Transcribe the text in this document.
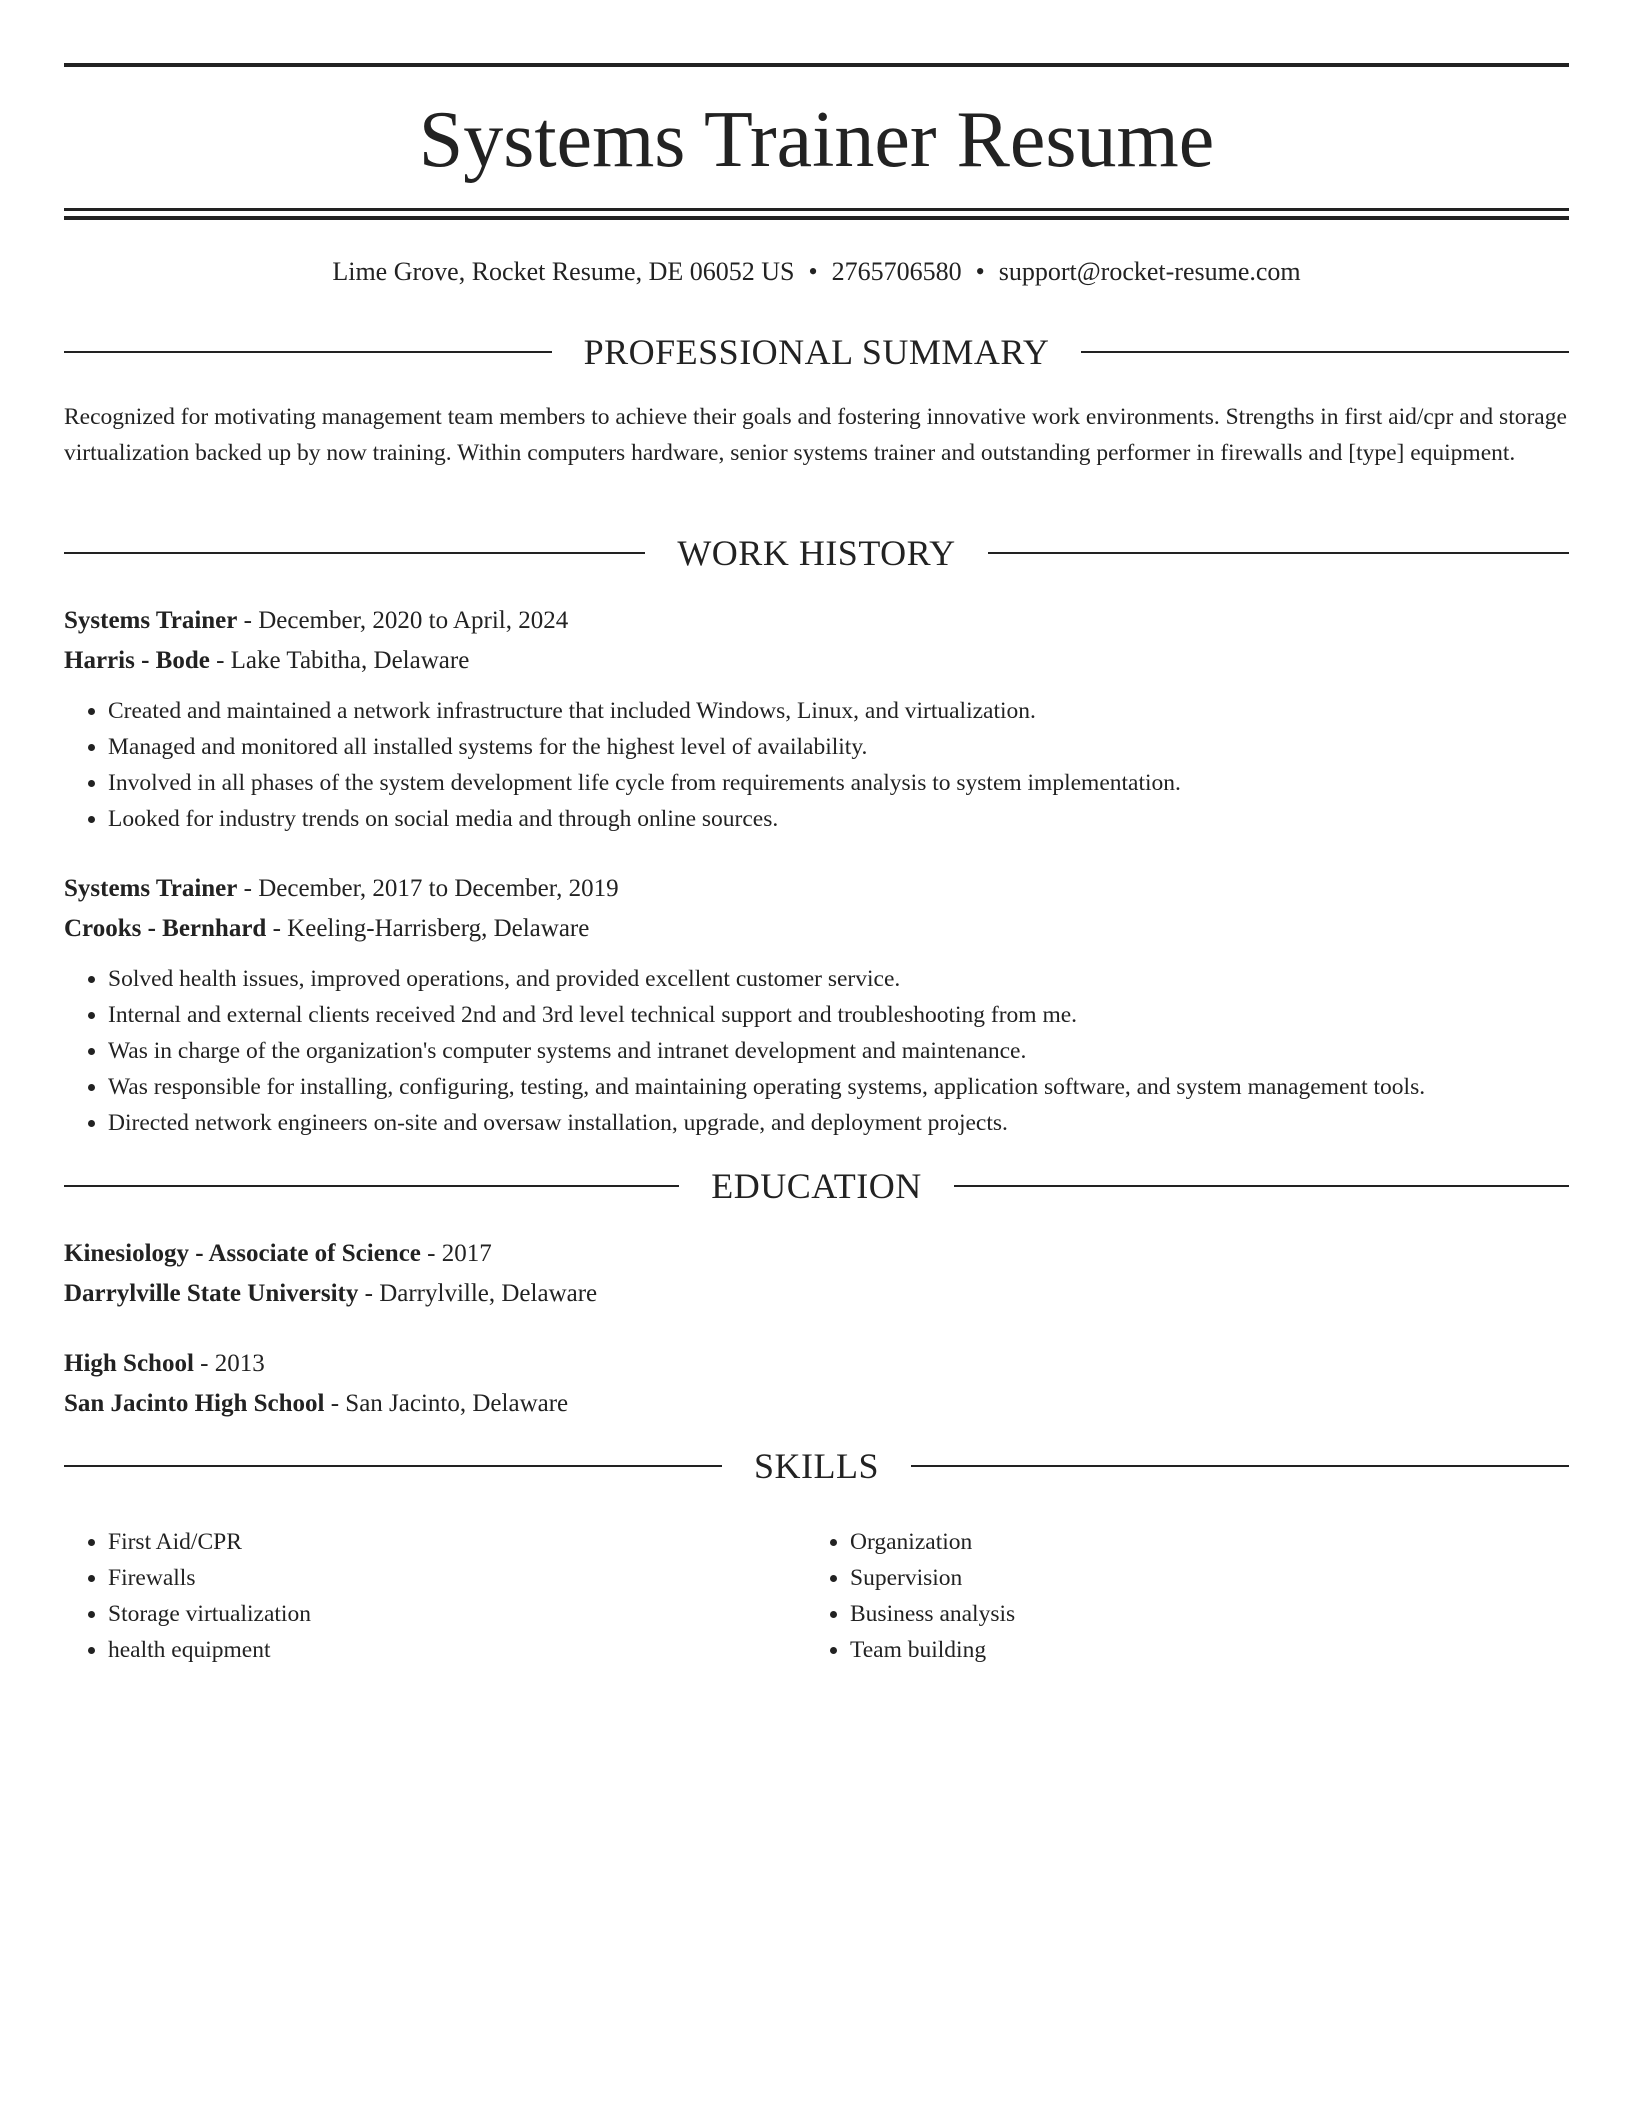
Systems Trainer Resume
Lime Grove, Rocket Resume, DE 06052 US • 2765706580 • support@rocket-resume.com
PROFESSIONAL SUMMARY

Recognized for motivating management team members to achieve their goals and fostering innovative work environments. Strengths in first aid/cpr and storage virtualization backed up by now training. Within computers hardware, senior systems trainer and outstanding performer in firewalls and [type] equipment.

WORK HISTORY
Systems Trainer - December, 2020 to April, 2024
Harris - Bode - Lake Tabitha, Delaware
• Created and maintained a network infrastructure that included Windows, Linux, and virtualization.
• Managed and monitored all installed systems for the highest level of availability.
• Involved in all phases of the system development life cycle from requirements analysis to system implementation.
• Looked for industry trends on social media and through online sources.
Systems Trainer - December, 2017 to December, 2019
Crooks - Bernhard - Keeling-Harrisberg, Delaware
• Solved health issues, improved operations, and provided excellent customer service.
• Internal and external clients received 2nd and 3rd level technical support and troubleshooting from me.
• Was in charge of the organization's computer systems and intranet development and maintenance.
• Was responsible for installing, configuring, testing, and maintaining operating systems, application software, and system management tools.
• Directed network engineers on-site and oversaw installation, upgrade, and deployment projects.
EDUCATION
Kinesiology - Associate of Science - 2017
Darrylville State University - Darrylville, Delaware
High School - 2013
San Jacinto High School - San Jacinto, Delaware
SKILLS
• First Aid/CPR
• Firewalls
• Storage virtualization
• health equipment
• Organization
• Supervision
• Business analysis
• Team building
